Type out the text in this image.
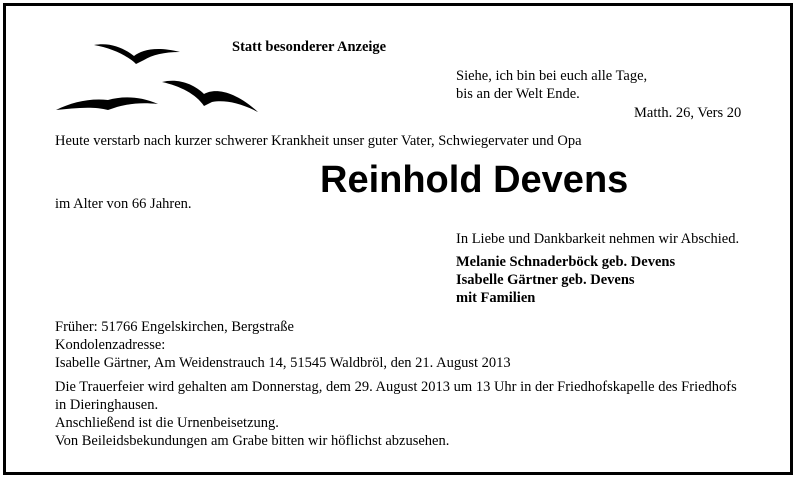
Statt besonderer Anzeige
Siehe, ich bin bei euch alle Tage,
bis an der Welt Ende.
Matth. 26, Vers 20
Heute verstarb nach kurzer schwerer Krankheit unser guter Vater, Schwiegervater und Opa
Reinhold Devens
im Alter von 66 Jahren.
In Liebe und Dankbarkeit nehmen wir Abschied.
Melanie Schnaderböck geb. Devens
Isabelle Gärtner geb. Devens
mit Familien
Früher: 51766 Engelskirchen, Bergstraße
Kondolenzadresse:
Isabelle Gärtner, Am Weidenstrauch 14, 51545 Waldbröl, den 21. August 2013
Die Trauerfeier wird gehalten am Donnerstag, dem 29. August 2013 um 13 Uhr in der Friedhofskapelle des Friedhofs
in Dieringhausen.
Anschließend ist die Urnenbeisetzung.
Von Beileidsbekundungen am Grabe bitten wir höflichst abzusehen.
